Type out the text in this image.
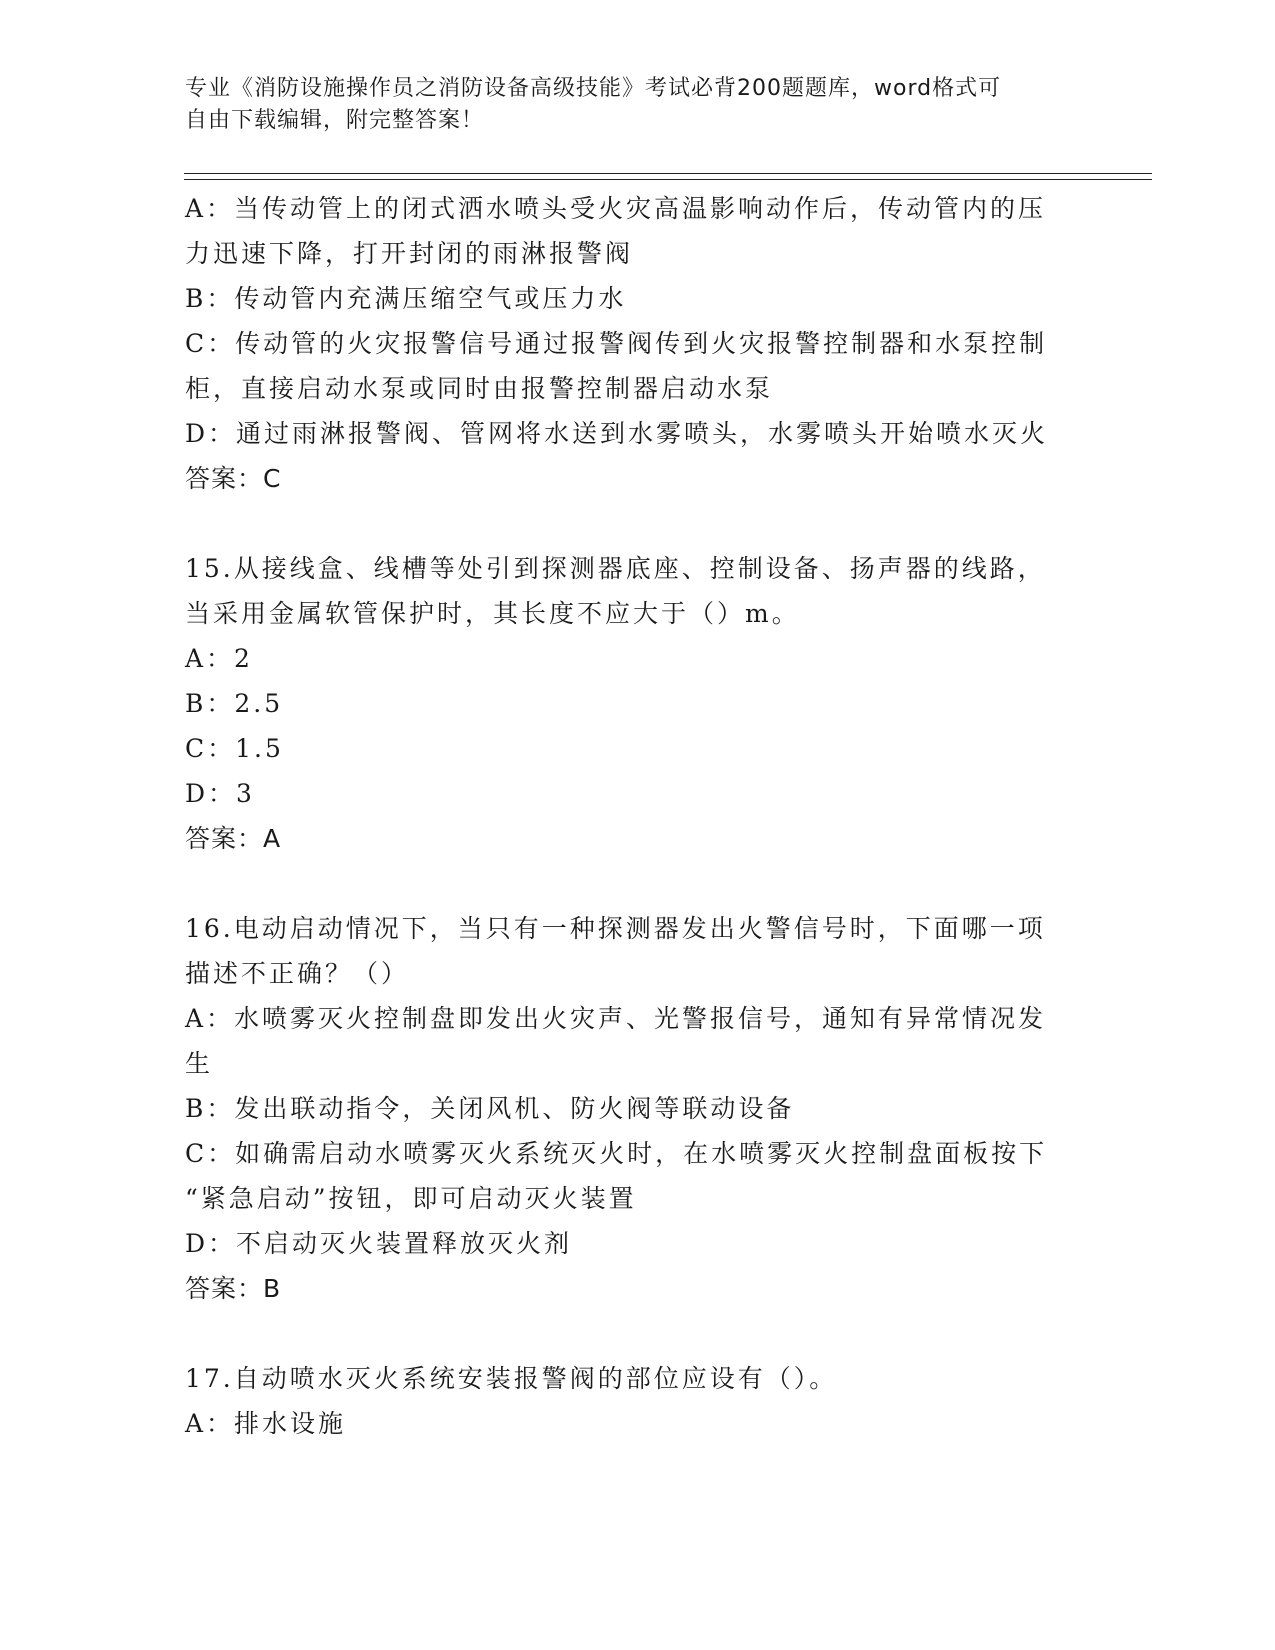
专业《消防设施操作员之消防设备高级技能》考试必背200题题库，word格式可
自由下载编辑，附完整答案！
A：当传动管上的闭式洒水喷头受火灾高温影响动作后，传动管内的压
力迅速下降，打开封闭的雨淋报警阀
B：传动管内充满压缩空气或压力水
C：传动管的火灾报警信号通过报警阀传到火灾报警控制器和水泵控制
柜，直接启动水泵或同时由报警控制器启动水泵
D：通过雨淋报警阀、管网将水送到水雾喷头，水雾喷头开始喷水灭火
答案：C
15.从接线盒、线槽等处引到探测器底座、控制设备、扬声器的线路，
当采用金属软管保护时，其长度不应大于（）m。
A：2
B：2.5
C：1.5
D：3
答案：A
16.电动启动情况下，当只有一种探测器发出火警信号时，下面哪一项
描述不正确？（）
A：水喷雾灭火控制盘即发出火灾声、光警报信号，通知有异常情况发
生
B：发出联动指令，关闭风机、防火阀等联动设备
C：如确需启动水喷雾灭火系统灭火时，在水喷雾灭火控制盘面板按下
“紧急启动”按钮，即可启动灭火装置
D：不启动灭火装置释放灭火剂
答案：B
17.自动喷水灭火系统安装报警阀的部位应设有（）。
A：排水设施
